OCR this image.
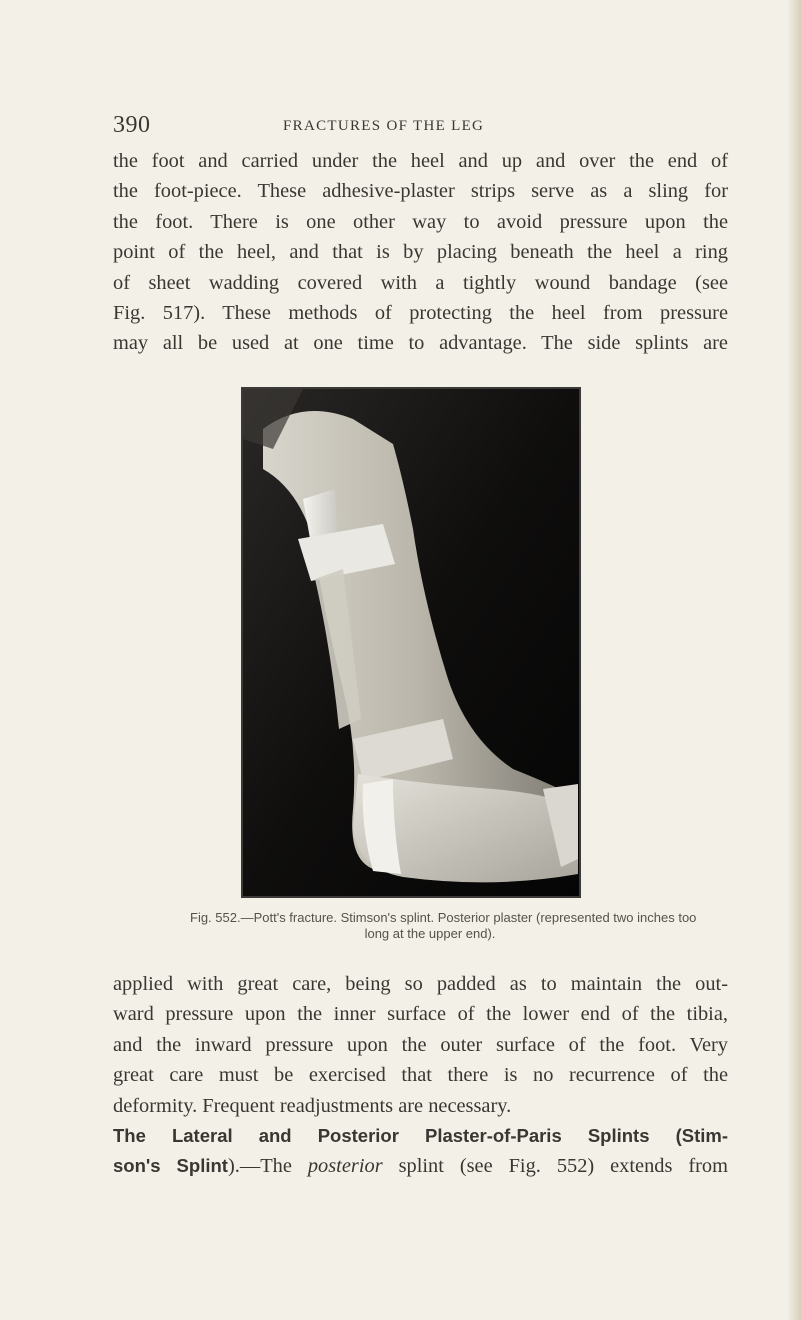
390	FRACTURES OF THE LEG

the foot and carried under the heel and up and over the end of
the foot-piece. These adhesive-plaster strips serve as a sling for
the foot. There is one other way to avoid pressure upon the
point of the heel, and that is by placing beneath the heel a ring
of sheet wadding covered with a tightly wound bandage (see
Fig. 517). These methods of protecting the heel from pressure
may all be used at one time to advantage. The side splints are

Fig. 552.—Pott's fracture. Stimson's splint. Posterior plaster (represented two inches too
long at the upper end).

applied with great care, being so padded as to maintain the out-
ward pressure upon the inner surface of the lower end of the tibia,
and the inward pressure upon the outer surface of the foot. Very
great care must be exercised that there is no recurrence of the
deformity. Frequent readjustments are necessary.
The Lateral and Posterior Plaster-of-Paris Splints (Stim-
son's Splint).—The posterior splint (see Fig. 552) extends from
